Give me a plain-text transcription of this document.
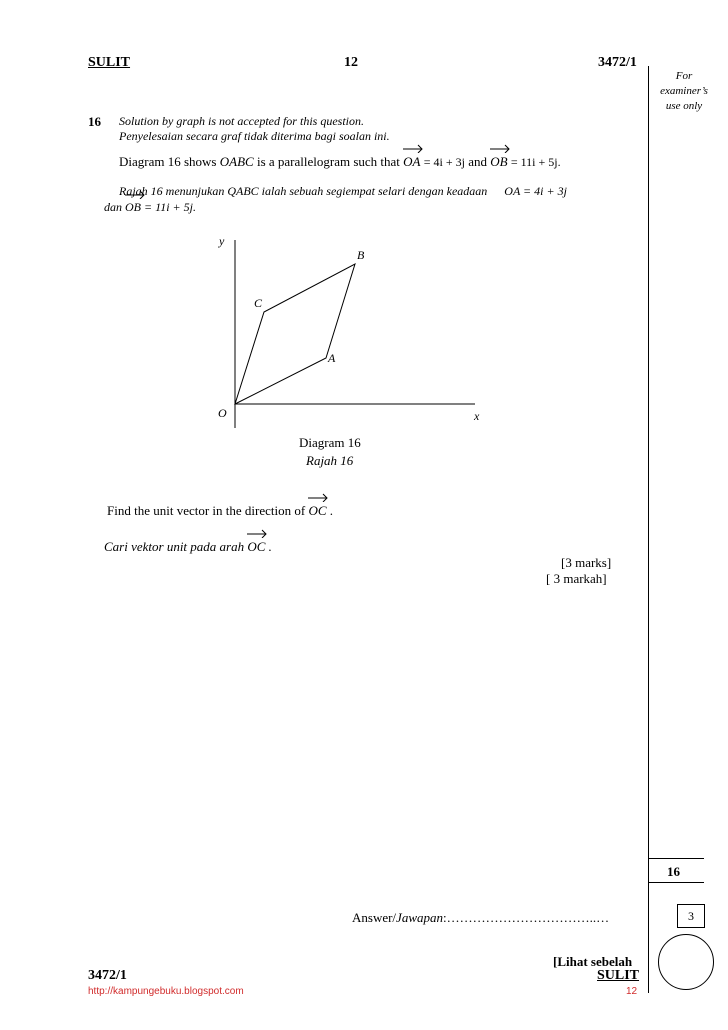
SULIT	12	3472/1
For
examiner’s
use only
16 Solution by graph is not accepted for this question.
Penyelesaian secara graf tidak diterima bagi soalan ini.
Diagram 16 shows OABC is a parallelogram such that OA = 4i + 3j and OB = 11i + 5j.
Rajah 16 menunjukan QABC ialah sebuah segiempat selari dengan keadaan OA = 4i + 3j
dan OB = 11i + 5j.
y
B
C
A
O	x
Diagram 16
Rajah 16
Find the unit vector in the direction of OC .
Cari vektor unit pada arah OC .
[3 marks]
[ 3 markah]
16
3
Answer/Jawapan:……………………………..…
[Lihat sebelah
3472/1	SULIT
http://kampungebuku.blogspot.com	12
